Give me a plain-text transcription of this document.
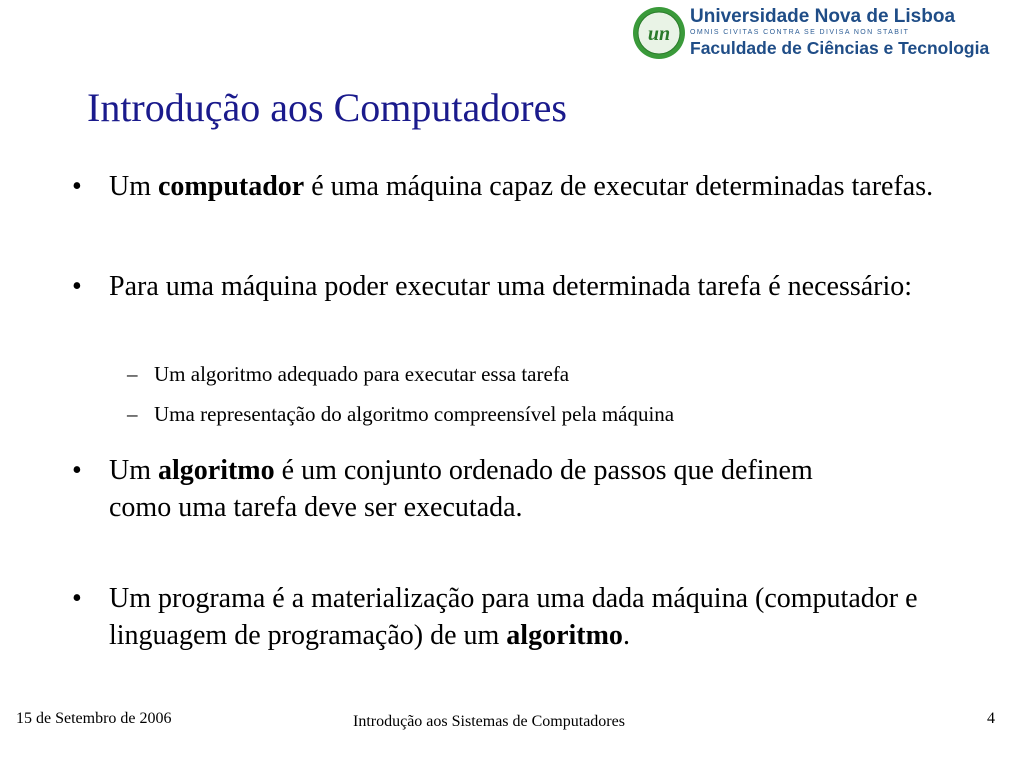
un
Universidade Nova de Lisboa
OMNIS CIVITAS CONTRA SE DIVISA NON STABIT
Faculdade de Ciências e Tecnologia
Introdução aos Computadores
• Um computador é uma máquina capaz de executar determinadas tarefas.
• Para uma máquina poder executar uma determinada tarefa é necessário:
– Um algoritmo adequado para executar essa tarefa
– Uma representação do algoritmo compreensível pela máquina
• Um algoritmo é um conjunto ordenado de passos que definem como uma tarefa deve ser executada.
• Um programa é a materialização para uma dada máquina (computador e linguagem de programação) de um algoritmo.
15 de Setembro de 2006	Introdução aos Sistemas de Computadores	4
